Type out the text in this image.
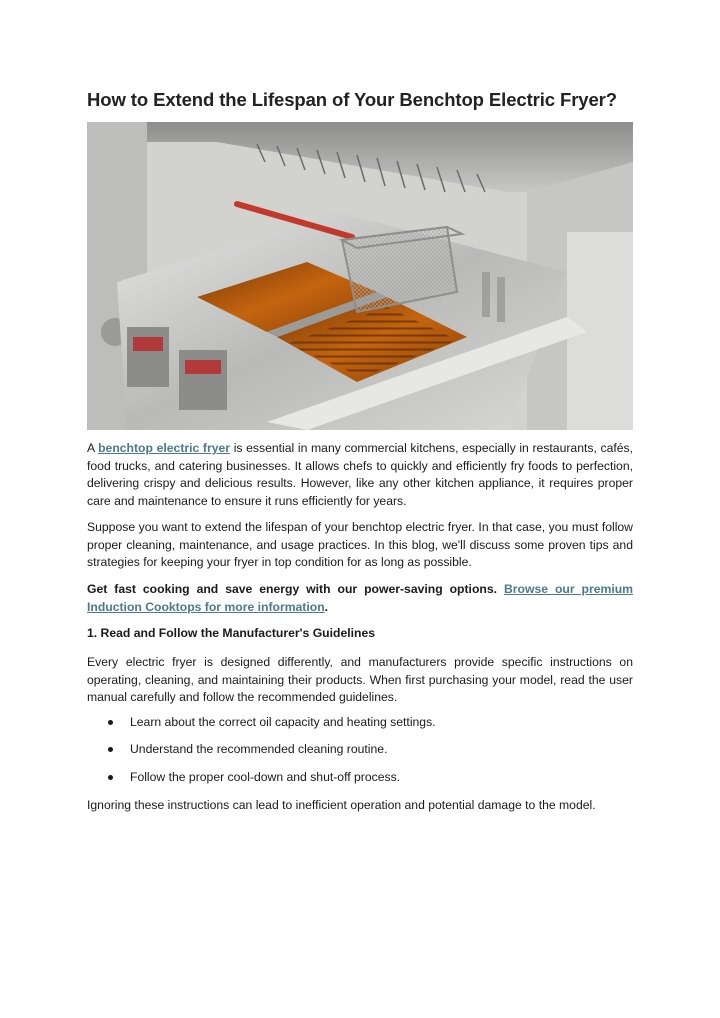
How to Extend the Lifespan of Your Benchtop Electric Fryer?

A benchtop electric fryer is essential in many commercial kitchens, especially in restaurants, cafés, food trucks, and catering businesses. It allows chefs to quickly and efficiently fry foods to perfection, delivering crispy and delicious results. However, like any other kitchen appliance, it requires proper care and maintenance to ensure it runs efficiently for years.

Suppose you want to extend the lifespan of your benchtop electric fryer. In that case, you must follow proper cleaning, maintenance, and usage practices. In this blog, we'll discuss some proven tips and strategies for keeping your fryer in top condition for as long as possible.

Get fast cooking and save energy with our power-saving options. Browse our premium Induction Cooktops for more information.

1. Read and Follow the Manufacturer's Guidelines

Every electric fryer is designed differently, and manufacturers provide specific instructions on operating, cleaning, and maintaining their products. When first purchasing your model, read the user manual carefully and follow the recommended guidelines.

Learn about the correct oil capacity and heating settings.
Understand the recommended cleaning routine.
Follow the proper cool-down and shut-off process.

Ignoring these instructions can lead to inefficient operation and potential damage to the model.
